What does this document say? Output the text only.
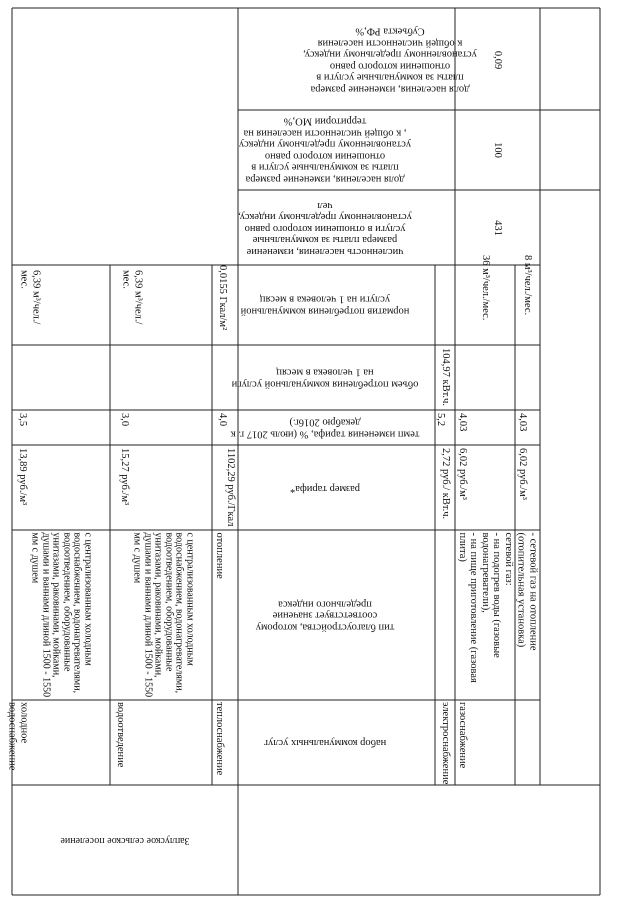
Заплуское сельское поселение
набор коммунальных услуг
тип благоустройства, которому соответствует значение предельного индекса
размер тарифа*
темп изменения тарифа, % (июль 2017 г. к декабрю 2016г.)
объем потребления коммунальной услуги на 1 человека в месяц
норматив потребления коммунальной услуги на 1 человека в месяц
численность населения, изменение размера платы за коммунальные услуги в отношении которого равно установленному предельному индексу, чел
доля населения, изменение размера платы за коммунальные услуги в отношении которого равно установленному предельному индексу , к общей численности населения на территории МО,%
доля населения, изменение размера платы за коммунальные услуги в отношении которого равно установленному предельному индексу, к общей численности населения Субъекта РФ,%
431
100
0,09
холодное водоснабжение
с централизованным холодным водоснабжением, водонагревателями, водоотведением, оборудованные унитазами, раковинами, мойками, душами и ваннами длиной 1500 - 1550 мм с душем
13,89 руб./м³
3,5
6,39 м³/чел./мес.
водоотведение
с централизованным холодным водоснабжением, водонагревателями, водоотведением, оборудованные унитазами, раковинами, мойками, душами и ваннами длиной 1500 - 1550 мм с душем
15,27 руб./м³
3,0
6,39 м³/чел./мес.
теплоснабжение
отопление
1102,29 руб./Гкал
4,0
0,0155 Гкал/м²
электроснабжение
2,72 руб./ кВт.ч.
5,2
104,97 кВт.ч.
газоснабжение
сетевой газ:
- на подогрев воды (газовые водонагреватели),
- на пище приготовление (газовая плита)
6,02 руб./м³
4,03
36 м³/чел./мес.
- сетевой газ на отопление (отопительная установка)
6,02 руб./м³
4,03
8 м³/чел./мес.
